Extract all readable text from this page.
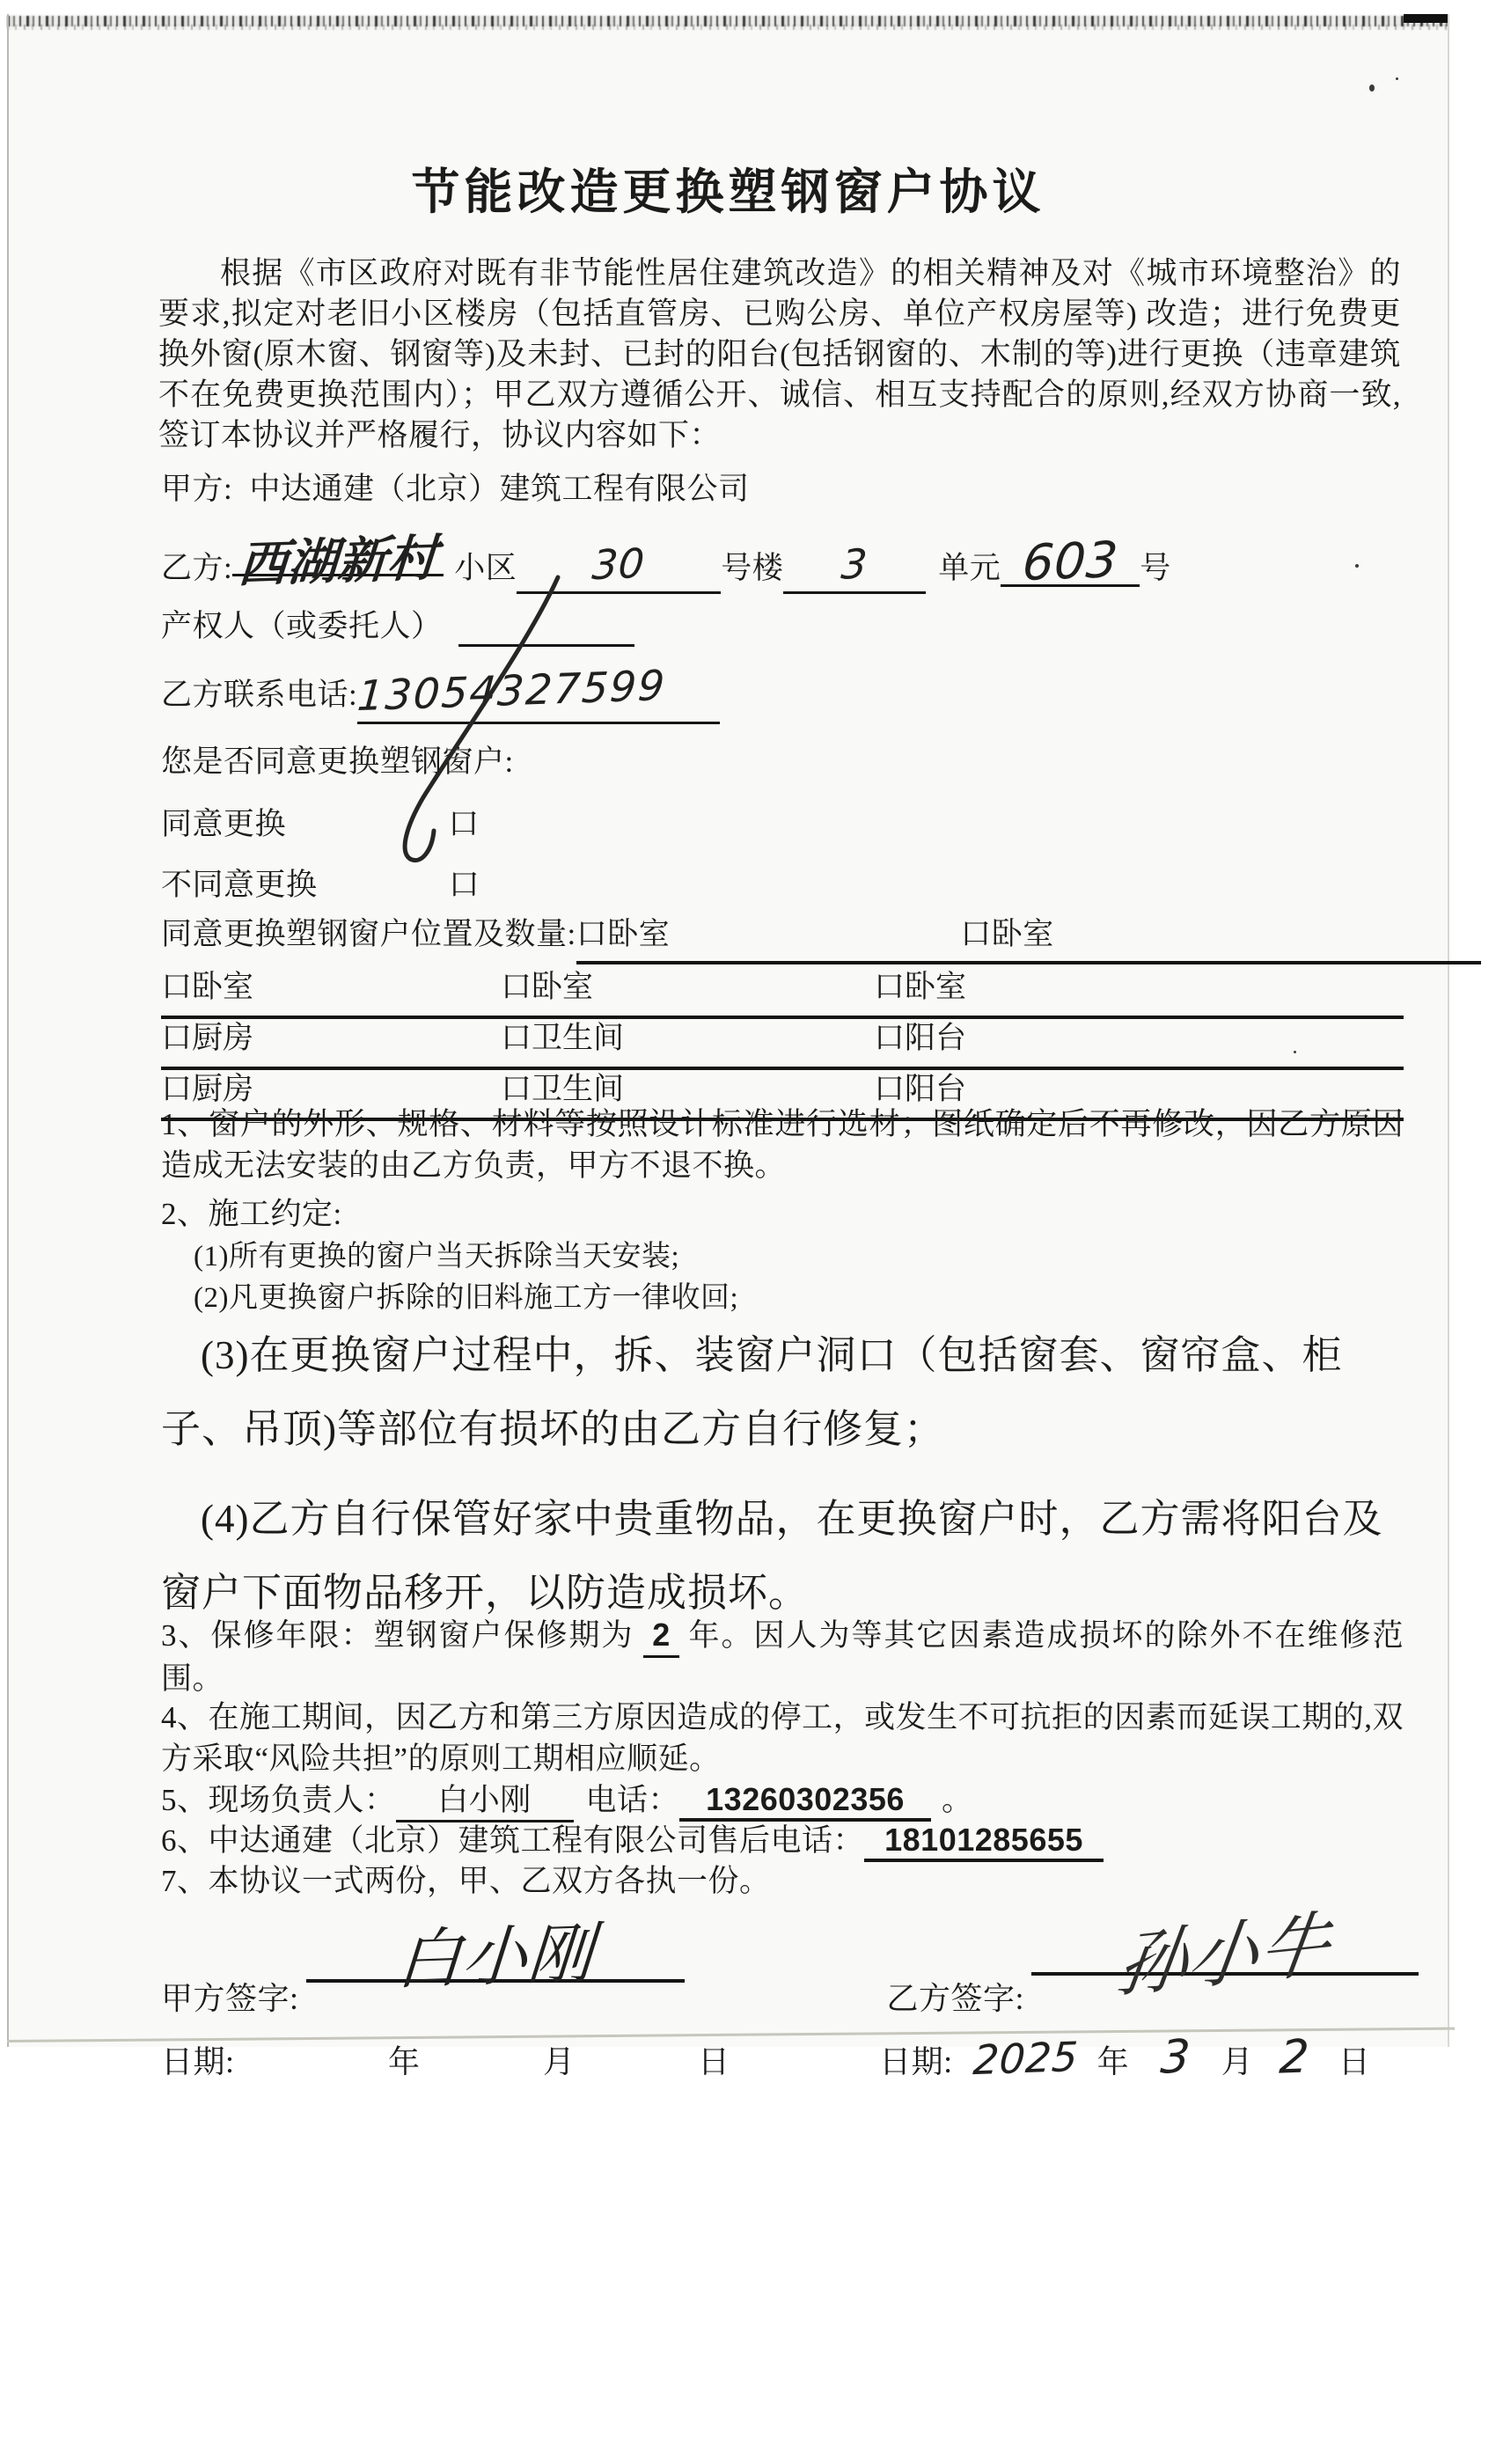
节能改造更换塑钢窗户协议
根据《市区政府对既有非节能性居住建筑改造》的相关精神及对《城市环境整治》的要求,拟定对老旧小区楼房（包括直管房、已购公房、单位产权房屋等) 改造；进行免费更换外窗(原木窗、钢窗等)及未封、已封的阳台(包括钢窗的、木制的等)进行更换（违章建筑不在免费更换范围内）；甲乙双方遵循公开、诚信、相互支持配合的原则,经双方协商一致,签订本协议并严格履行，协议内容如下：
甲方: 中达通建（北京）建筑工程有限公司
乙方:西湖新村 小区 30 号楼 3 单元 603 号
产权人（或委托人）
乙方联系电话:13054327599
您是否同意更换塑钢窗户:
同意更换	口
不同意更换	口
同意更换塑钢窗户位置及数量:口卧室	口卧室
口卧室	口卧室	口卧室
口厨房	口卫生间	口阳台
口厨房	口卫生间	口阳台
1、窗户的外形、规格、材料等按照设计标准进行选材；图纸确定后不再修改，因乙方原因造成无法安装的由乙方负责，甲方不退不换。
2、施工约定:
(1)所有更换的窗户当天拆除当天安装;
(2)凡更换窗户拆除的旧料施工方一律收回;
(3)在更换窗户过程中，拆、装窗户洞口（包括窗套、窗帘盒、柜子、吊顶)等部位有损坏的由乙方自行修复；
(4)乙方自行保管好家中贵重物品，在更换窗户时，乙方需将阳台及窗户下面物品移开，以防造成损坏。
3、保修年限：塑钢窗户保修期为 2 年。因人为等其它因素造成损坏的除外不在维修范围。
4、在施工期间，因乙方和第三方原因造成的停工，或发生不可抗拒的因素而延误工期的,双方采取“风险共担”的原则工期相应顺延。
5、现场负责人： 白小刚 电话： 13260302356 。
6、中达通建（北京）建筑工程有限公司售后电话： 18101285655
7、本协议一式两份，甲、乙双方各执一份。
甲方签字: 白小刚	乙方签字: 孙小牛
日期:	年	月	日	日期: 2025 年 3 月 2 日
